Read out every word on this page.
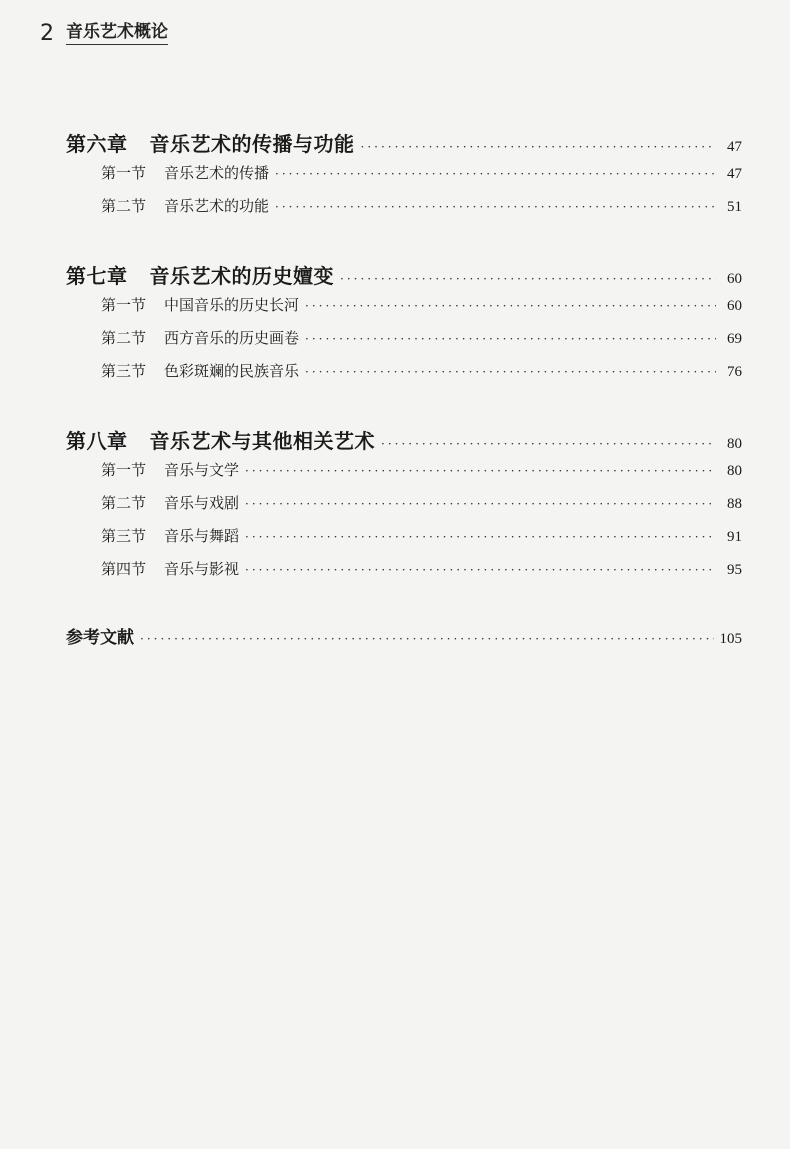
2 音乐艺术概论
第六章 音乐艺术的传播与功能 ·····	47
第一节 音乐艺术的传播 ·····	47
第二节 音乐艺术的功能 ·····	51
第七章 音乐艺术的历史嬗变 ·····	60
第一节 中国音乐的历史长河 ·····	60
第二节 西方音乐的历史画卷 ·····	69
第三节 色彩斑斓的民族音乐 ·····	76
第八章 音乐艺术与其他相关艺术 ·····	80
第一节 音乐与文学 ·····	80
第二节 音乐与戏剧 ·····	88
第三节 音乐与舞蹈 ·····	91
第四节 音乐与影视 ·····	95
参考文献 ·····	105
